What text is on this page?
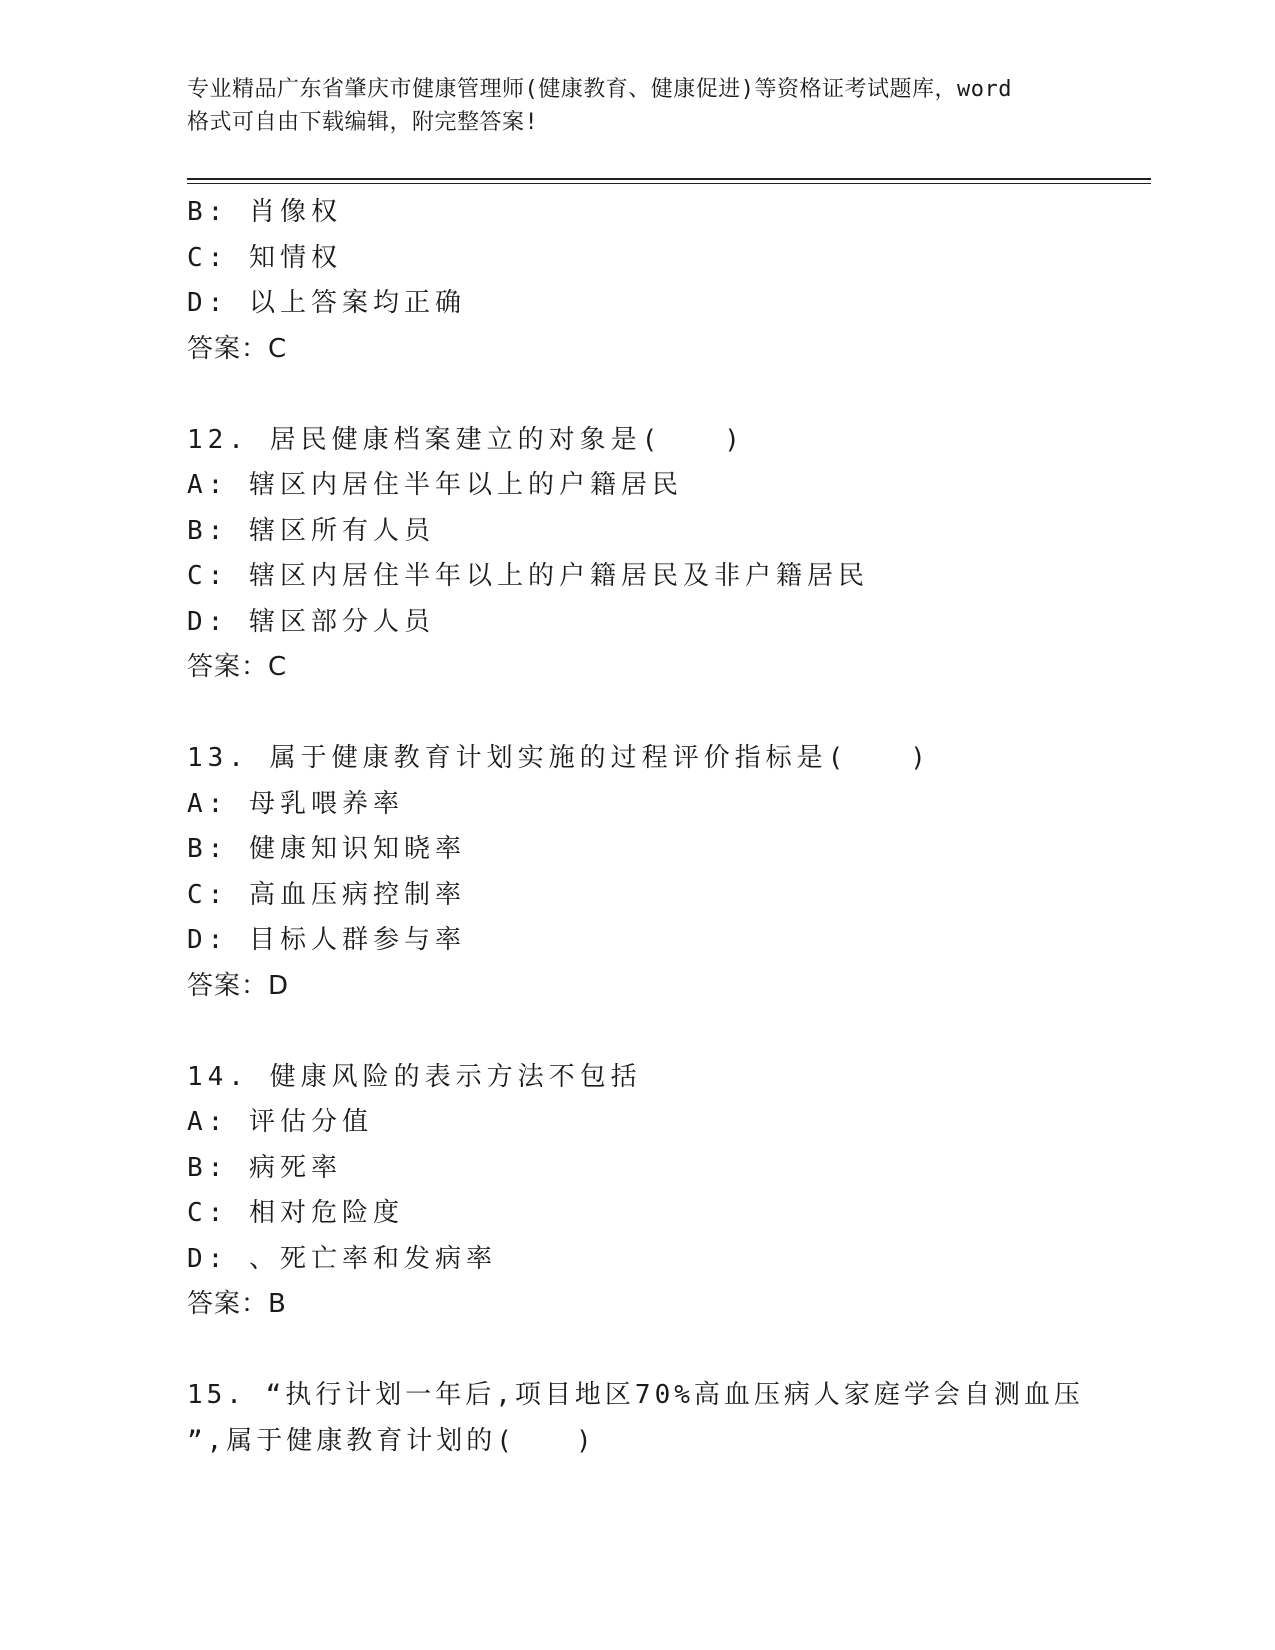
专业精品广东省肇庆市健康管理师(健康教育、健康促进)等资格证考试题库，word
格式可自由下载编辑，附完整答案!
B: 肖像权
C: 知情权
D: 以上答案均正确
答案：C
12. 居民健康档案建立的对象是(　　)
A: 辖区内居住半年以上的户籍居民
B: 辖区所有人员
C: 辖区内居住半年以上的户籍居民及非户籍居民
D: 辖区部分人员
答案：C
13. 属于健康教育计划实施的过程评价指标是(　　)
A: 母乳喂养率
B: 健康知识知晓率
C: 高血压病控制率
D: 目标人群参与率
答案：D
14. 健康风险的表示方法不包括
A: 评估分值
B: 病死率
C: 相对危险度
D: 、死亡率和发病率
答案：B
15. “执行计划一年后,项目地区70%高血压病人家庭学会自测血压
”,属于健康教育计划的(　　)
